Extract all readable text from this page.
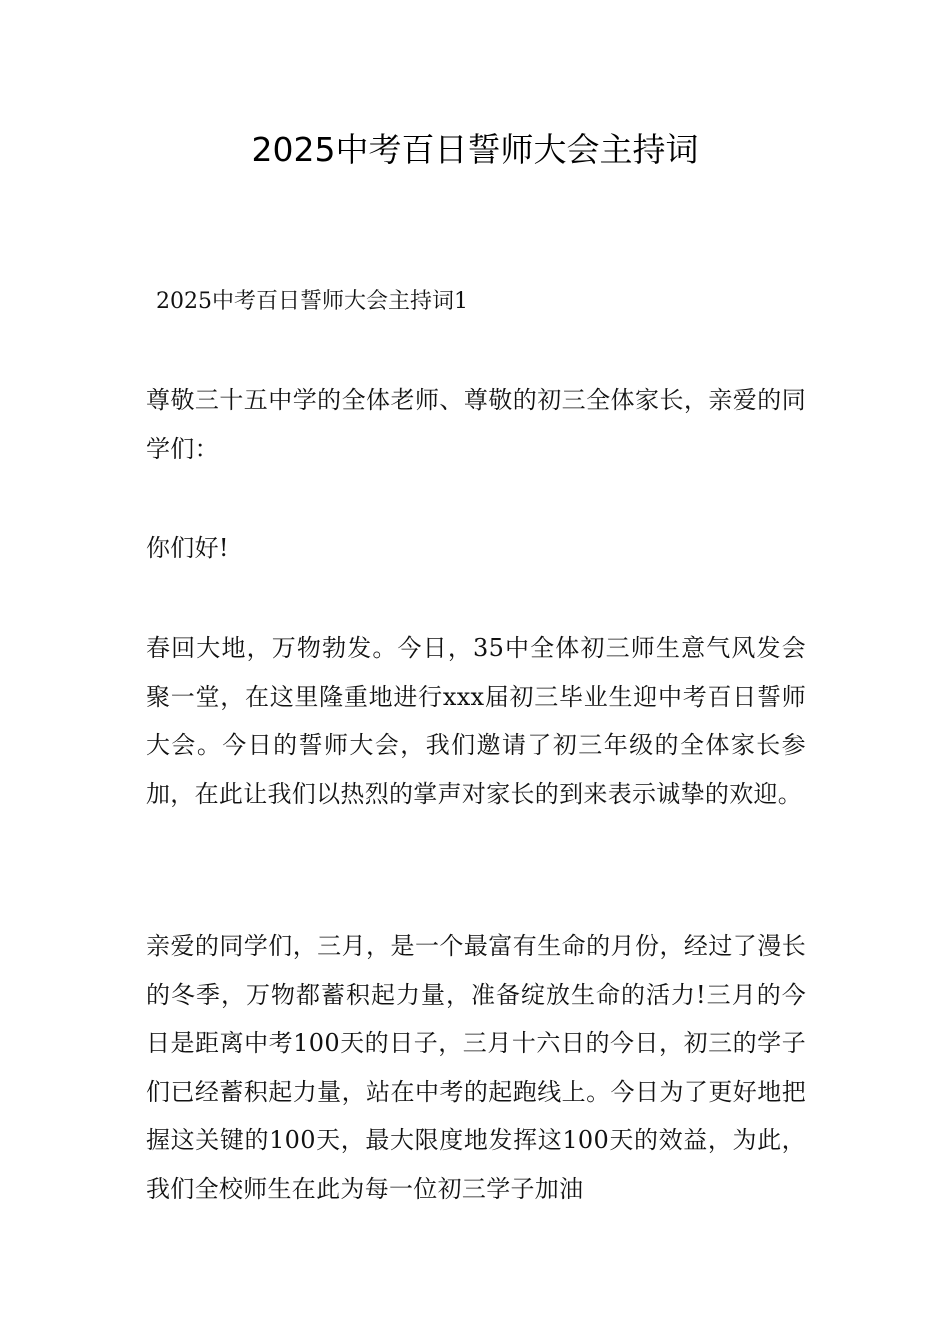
2025中考百日誓师大会主持词

2025中考百日誓师大会主持词1

尊敬三十五中学的全体老师、尊敬的初三全体家长，亲爱的同学们：

你们好!

春回大地，万物勃发。今日，35中全体初三师生意气风发会聚一堂，在这里隆重地进行xxx届初三毕业生迎中考百日誓师大会。今日的誓师大会，我们邀请了初三年级的全体家长参加，在此让我们以热烈的掌声对家长的到来表示诚挚的欢迎。

亲爱的同学们，三月，是一个最富有生命的月份，经过了漫长的冬季，万物都蓄积起力量，准备绽放生命的活力!三月的今日是距离中考100天的日子，三月十六日的今日，初三的学子们已经蓄积起力量，站在中考的起跑线上。今日为了更好地把握这关键的100天，最大限度地发挥这100天的效益，为此，我们全校师生在此为每一位初三学子加油
